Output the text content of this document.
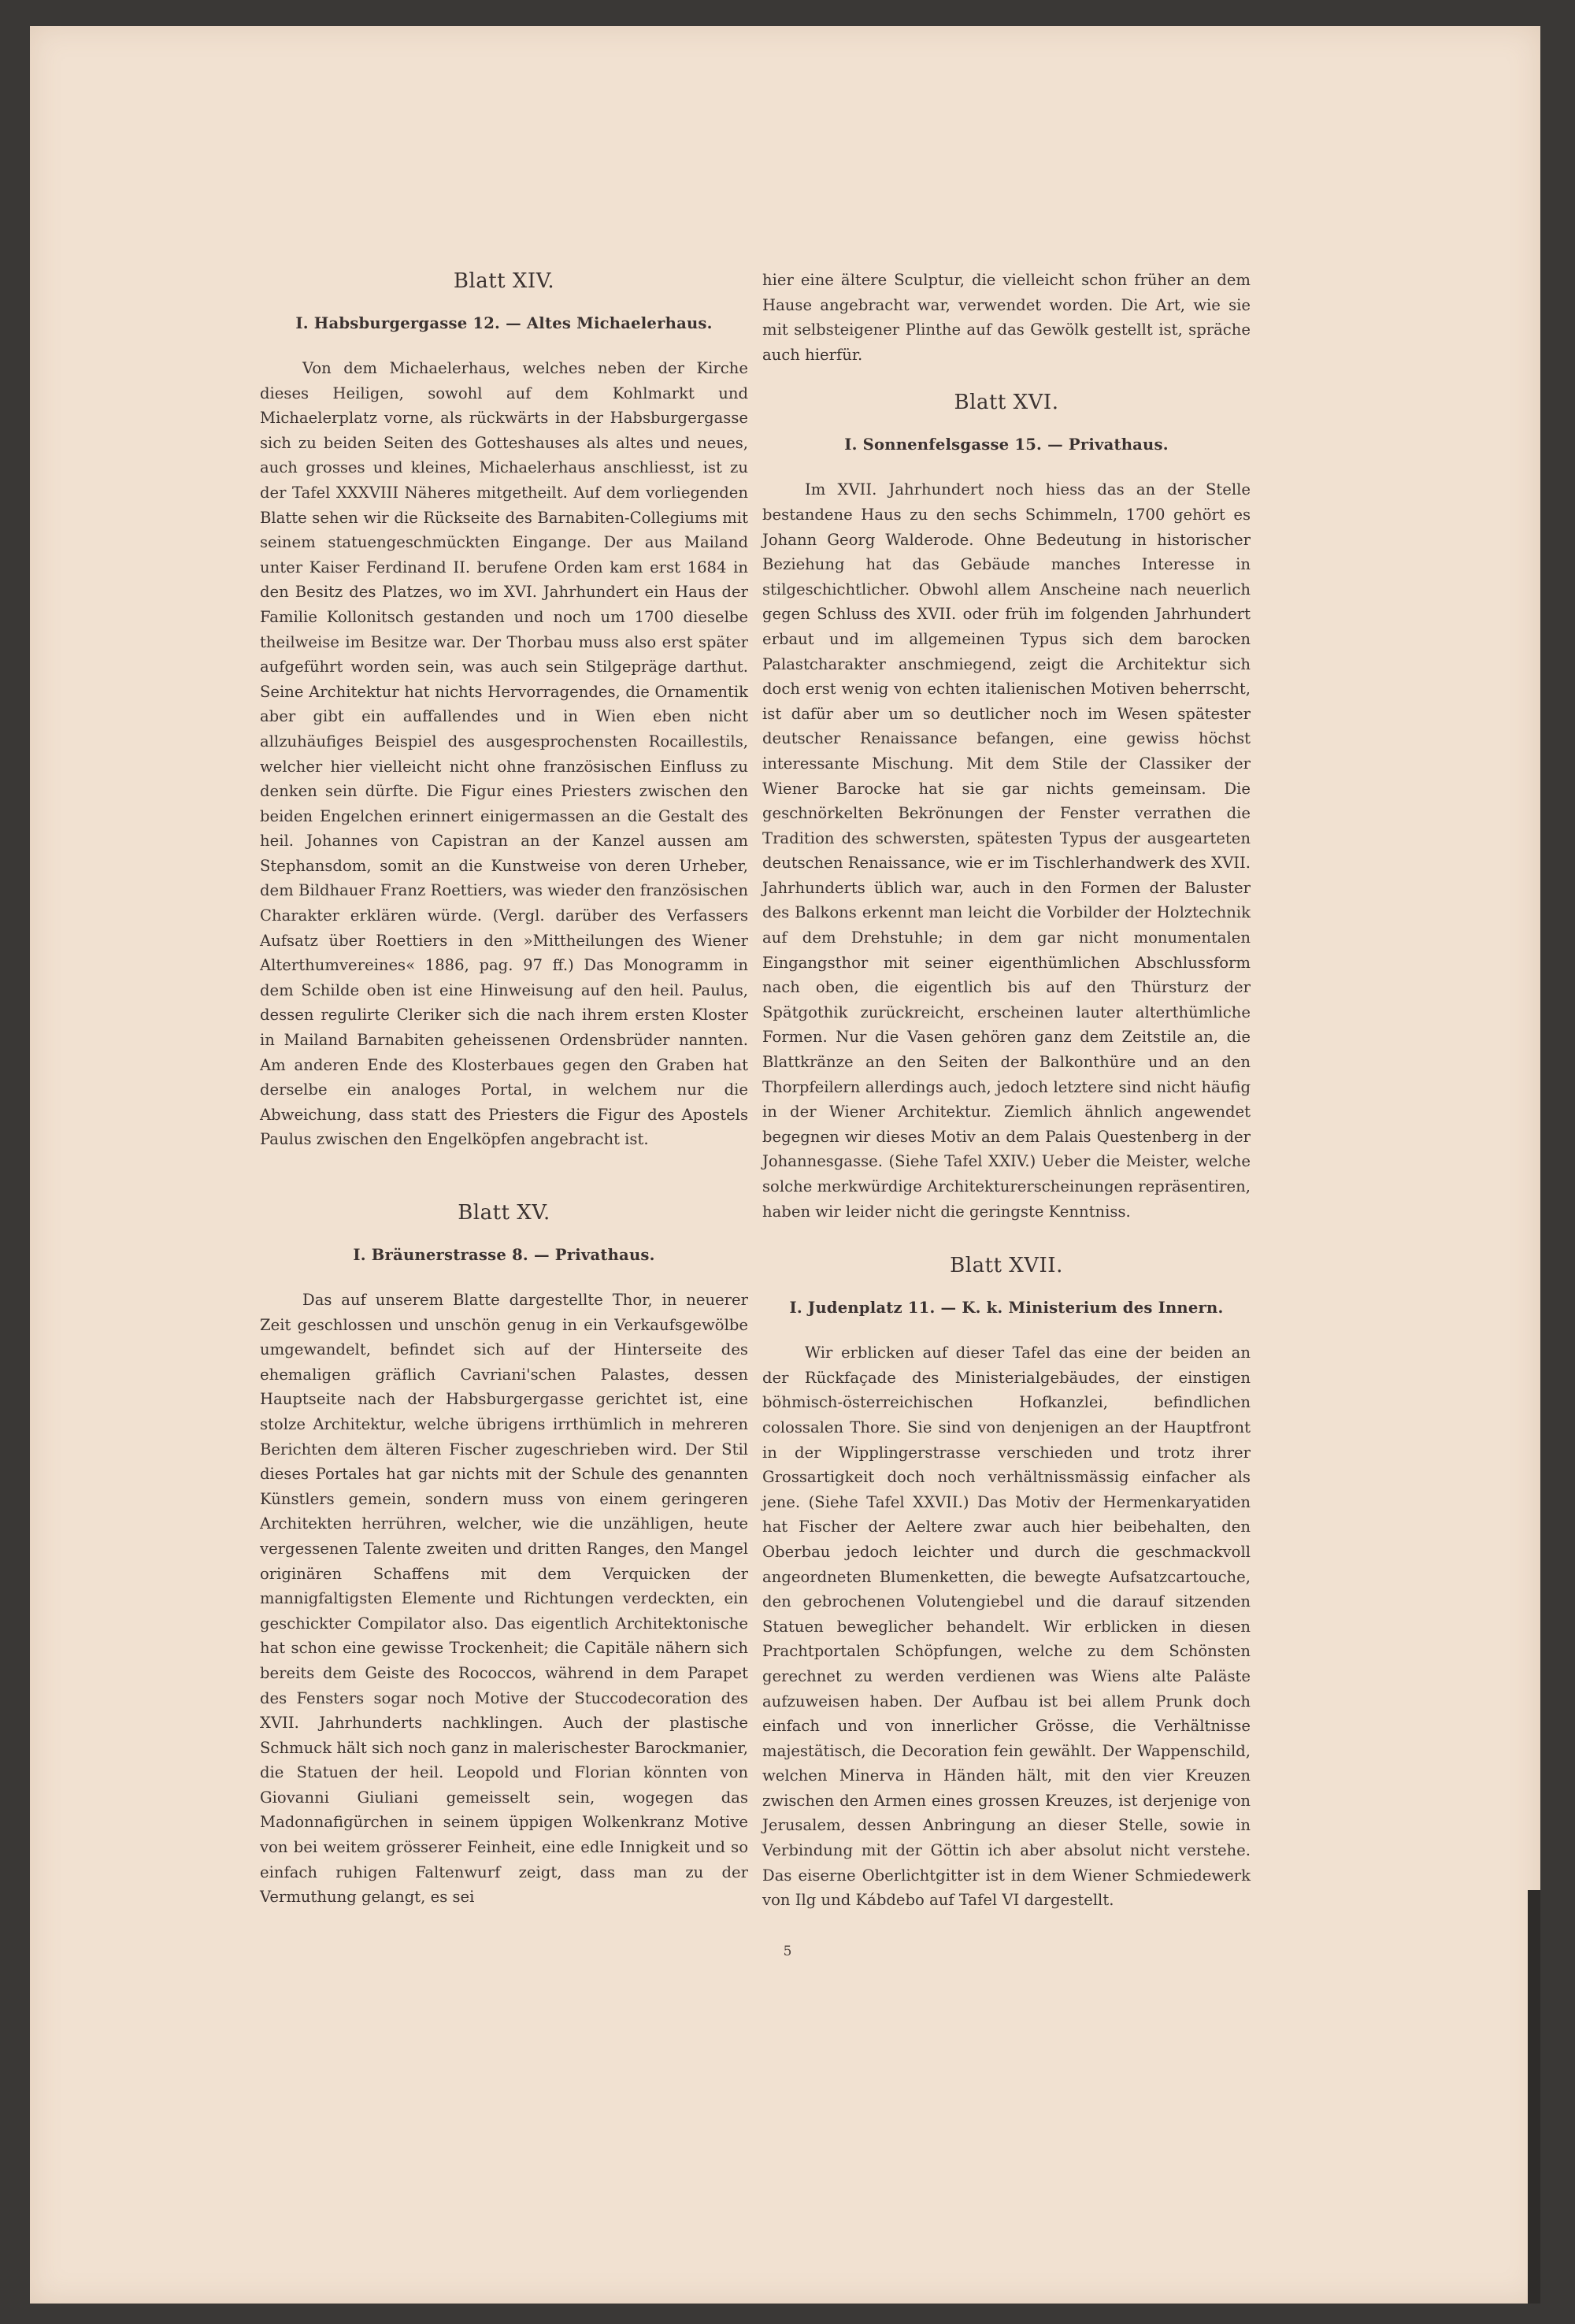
Blatt XIV.
I. Habsburgergasse 12. — Altes Michaelerhaus.

Von dem Michaelerhaus, welches neben der Kirche dieses Heiligen, sowohl auf dem Kohlmarkt und Michaelerplatz vorne, als rückwärts in der Habsburgergasse sich zu beiden Seiten des Gotteshauses als altes und neues, auch grosses und kleines, Michaelerhaus anschliesst, ist zu der Tafel XXXVIII Näheres mitgetheilt. Auf dem vorliegenden Blatte sehen wir die Rückseite des Barnabiten-Collegiums mit seinem statuengeschmückten Eingange. Der aus Mailand unter Kaiser Ferdinand II. berufene Orden kam erst 1684 in den Besitz des Platzes, wo im XVI. Jahrhundert ein Haus der Familie Kollonitsch gestanden und noch um 1700 dieselbe theilweise im Besitze war. Der Thorbau muss also erst später aufgeführt worden sein, was auch sein Stilgepräge darthut. Seine Architektur hat nichts Hervorragendes, die Ornamentik aber gibt ein auffallendes und in Wien eben nicht allzuhäufiges Beispiel des ausgesprochensten Rocaillestils, welcher hier vielleicht nicht ohne französischen Einfluss zu denken sein dürfte. Die Figur eines Priesters zwischen den beiden Engelchen erinnert einigermassen an die Gestalt des heil. Johannes von Capistran an der Kanzel aussen am Stephansdom, somit an die Kunstweise von deren Urheber, dem Bildhauer Franz Roettiers, was wieder den französischen Charakter erklären würde. (Vergl. darüber des Verfassers Aufsatz über Roettiers in den »Mittheilungen des Wiener Alterthumvereines« 1886, pag. 97 ff.) Das Monogramm in dem Schilde oben ist eine Hinweisung auf den heil. Paulus, dessen regulirte Cleriker sich die nach ihrem ersten Kloster in Mailand Barnabiten geheissenen Ordensbrüder nannten. Am anderen Ende des Klosterbaues gegen den Graben hat derselbe ein analoges Portal, in welchem nur die Abweichung, dass statt des Priesters die Figur des Apostels Paulus zwischen den Engelköpfen angebracht ist.

Blatt XV.
I. Bräunerstrasse 8. — Privathaus.

Das auf unserem Blatte dargestellte Thor, in neuerer Zeit geschlossen und unschön genug in ein Verkaufsgewölbe umgewandelt, befindet sich auf der Hinterseite des ehemaligen gräflich Cavriani'schen Palastes, dessen Hauptseite nach der Habsburgergasse gerichtet ist, eine stolze Architektur, welche übrigens irrthümlich in mehreren Berichten dem älteren Fischer zugeschrieben wird. Der Stil dieses Portales hat gar nichts mit der Schule des genannten Künstlers gemein, sondern muss von einem geringeren Architekten herrühren, welcher, wie die unzähligen, heute vergessenen Talente zweiten und dritten Ranges, den Mangel originären Schaffens mit dem Verquicken der mannigfaltigsten Elemente und Richtungen verdeckten, ein geschickter Compilator also. Das eigentlich Architektonische hat schon eine gewisse Trockenheit; die Capitäle nähern sich bereits dem Geiste des Rococcos, während in dem Parapet des Fensters sogar noch Motive der Stuccodecoration des XVII. Jahrhunderts nachklingen. Auch der plastische Schmuck hält sich noch ganz in malerischester Barockmanier, die Statuen der heil. Leopold und Florian könnten von Giovanni Giuliani gemeisselt sein, wogegen das Madonnafigürchen in seinem üppigen Wolkenkranz Motive von bei weitem grösserer Feinheit, eine edle Innigkeit und so einfach ruhigen Faltenwurf zeigt, dass man zu der Vermuthung gelangt, es sei

hier eine ältere Sculptur, die vielleicht schon früher an dem Hause angebracht war, verwendet worden. Die Art, wie sie mit selbsteigener Plinthe auf das Gewölk gestellt ist, spräche auch hierfür.

Blatt XVI.
I. Sonnenfelsgasse 15. — Privathaus.

Im XVII. Jahrhundert noch hiess das an der Stelle bestandene Haus zu den sechs Schimmeln, 1700 gehört es Johann Georg Walderode. Ohne Bedeutung in historischer Beziehung hat das Gebäude manches Interesse in stilgeschichtlicher. Obwohl allem Anscheine nach neuerlich gegen Schluss des XVII. oder früh im folgenden Jahrhundert erbaut und im allgemeinen Typus sich dem barocken Palastcharakter anschmiegend, zeigt die Architektur sich doch erst wenig von echten italienischen Motiven beherrscht, ist dafür aber um so deutlicher noch im Wesen spätester deutscher Renaissance befangen, eine gewiss höchst interessante Mischung. Mit dem Stile der Classiker der Wiener Barocke hat sie gar nichts gemeinsam. Die geschnörkelten Bekrönungen der Fenster verrathen die Tradition des schwersten, spätesten Typus der ausgearteten deutschen Renaissance, wie er im Tischlerhandwerk des XVII. Jahrhunderts üblich war, auch in den Formen der Baluster des Balkons erkennt man leicht die Vorbilder der Holztechnik auf dem Drehstuhle; in dem gar nicht monumentalen Eingangsthor mit seiner eigenthümlichen Abschlussform nach oben, die eigentlich bis auf den Thürsturz der Spätgothik zurückreicht, erscheinen lauter alterthümliche Formen. Nur die Vasen gehören ganz dem Zeitstile an, die Blattkränze an den Seiten der Balkonthüre und an den Thorpfeilern allerdings auch, jedoch letztere sind nicht häufig in der Wiener Architektur. Ziemlich ähnlich angewendet begegnen wir dieses Motiv an dem Palais Questenberg in der Johannesgasse. (Siehe Tafel XXIV.) Ueber die Meister, welche solche merkwürdige Architekturerscheinungen repräsentiren, haben wir leider nicht die geringste Kenntniss.

Blatt XVII.
I. Judenplatz 11. — K. k. Ministerium des Innern.

Wir erblicken auf dieser Tafel das eine der beiden an der Rückfaçade des Ministerialgebäudes, der einstigen böhmisch-österreichischen Hofkanzlei, befindlichen colossalen Thore. Sie sind von denjenigen an der Hauptfront in der Wipplingerstrasse verschieden und trotz ihrer Grossartigkeit doch noch verhältnissmässig einfacher als jene. (Siehe Tafel XXVII.) Das Motiv der Hermenkaryatiden hat Fischer der Aeltere zwar auch hier beibehalten, den Oberbau jedoch leichter und durch die geschmackvoll angeordneten Blumenketten, die bewegte Aufsatzcartouche, den gebrochenen Volutengiebel und die darauf sitzenden Statuen beweglicher behandelt. Wir erblicken in diesen Prachtportalen Schöpfungen, welche zu dem Schönsten gerechnet zu werden verdienen was Wiens alte Paläste aufzuweisen haben. Der Aufbau ist bei allem Prunk doch einfach und von innerlicher Grösse, die Verhältnisse majestätisch, die Decoration fein gewählt. Der Wappenschild, welchen Minerva in Händen hält, mit den vier Kreuzen zwischen den Armen eines grossen Kreuzes, ist derjenige von Jerusalem, dessen Anbringung an dieser Stelle, sowie in Verbindung mit der Göttin ich aber absolut nicht verstehe. Das eiserne Oberlichtgitter ist in dem Wiener Schmiedewerk von Ilg und Kábdebo auf Tafel VI dargestellt.

5
